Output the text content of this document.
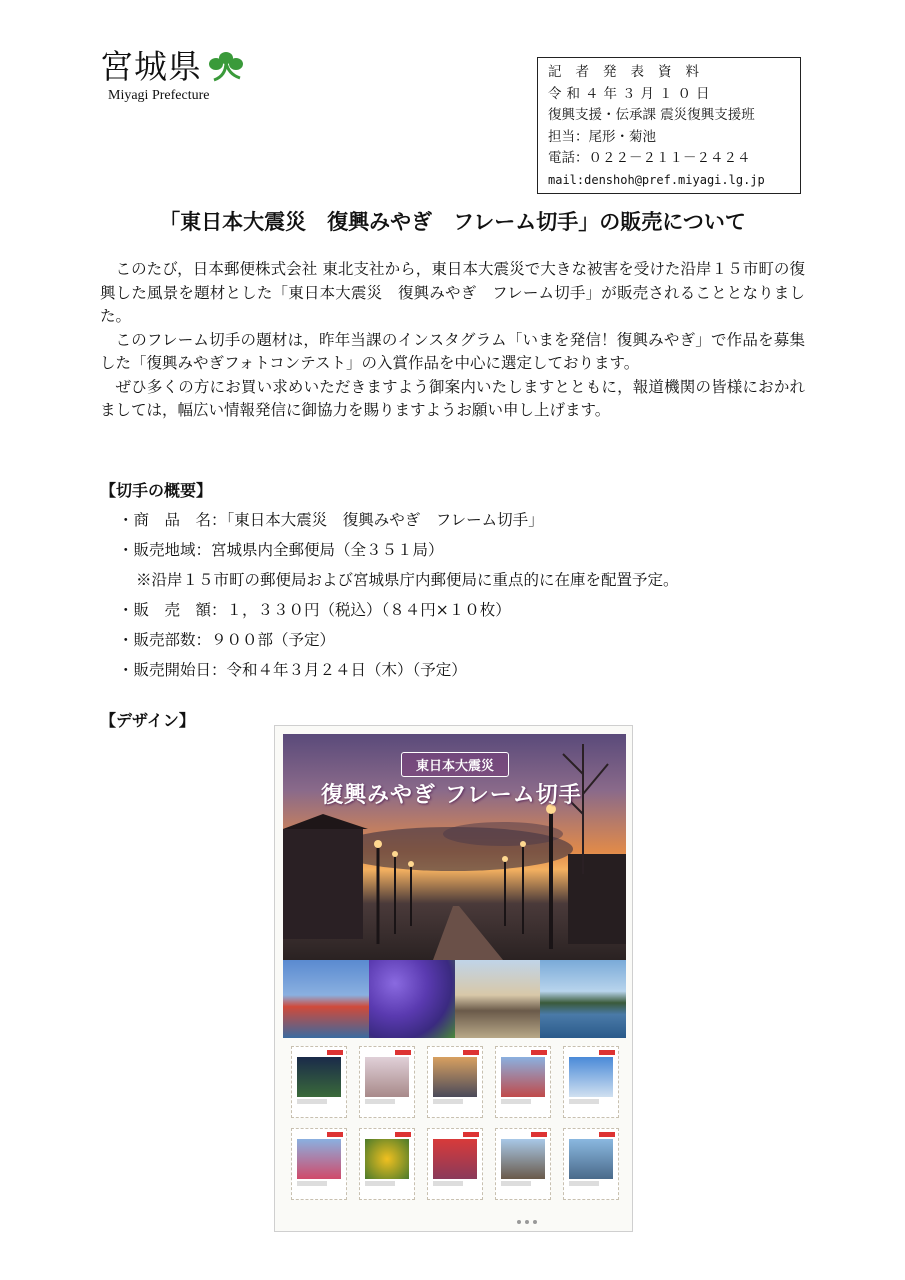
宮城県
Miyagi Prefecture
記者発表資料
令和４年３月１０日
復興支援・伝承課 震災復興支援班
担当：尾形・菊池
電話：０２２－２１１－２４２４
mail:denshoh@pref.miyagi.lg.jp
「東日本大震災　復興みやぎ　フレーム切手」の販売について

このたび，日本郵便株式会社 東北支社から，東日本大震災で大きな被害を受けた沿岸１５市町の復興した風景を題材とした「東日本大震災　復興みやぎ　フレーム切手」が販売されることとなりました。

このフレーム切手の題材は，昨年当課のインスタグラム「いまを発信！復興みやぎ」で作品を募集した「復興みやぎフォトコンテスト」の入賞作品を中心に選定しております。

ぜひ多くの方にお買い求めいただきますよう御案内いたしますとともに，報道機関の皆様におかれましては，幅広い情報発信に御協力を賜りますようお願い申し上げます。

【切手の概要】
・商　品　名：「東日本大震災　復興みやぎ　フレーム切手」
・販売地域：宮城県内全郵便局（全３５１局）
※沿岸１５市町の郵便局および宮城県庁内郵便局に重点的に在庫を配置予定。
・販　売　額：１，３３０円（税込）（８４円×１０枚）
・販売部数：９００部（予定）
・販売開始日：令和４年３月２４日（木）（予定）
【デザイン】
東日本大震災
復興みやぎ フレーム切手
